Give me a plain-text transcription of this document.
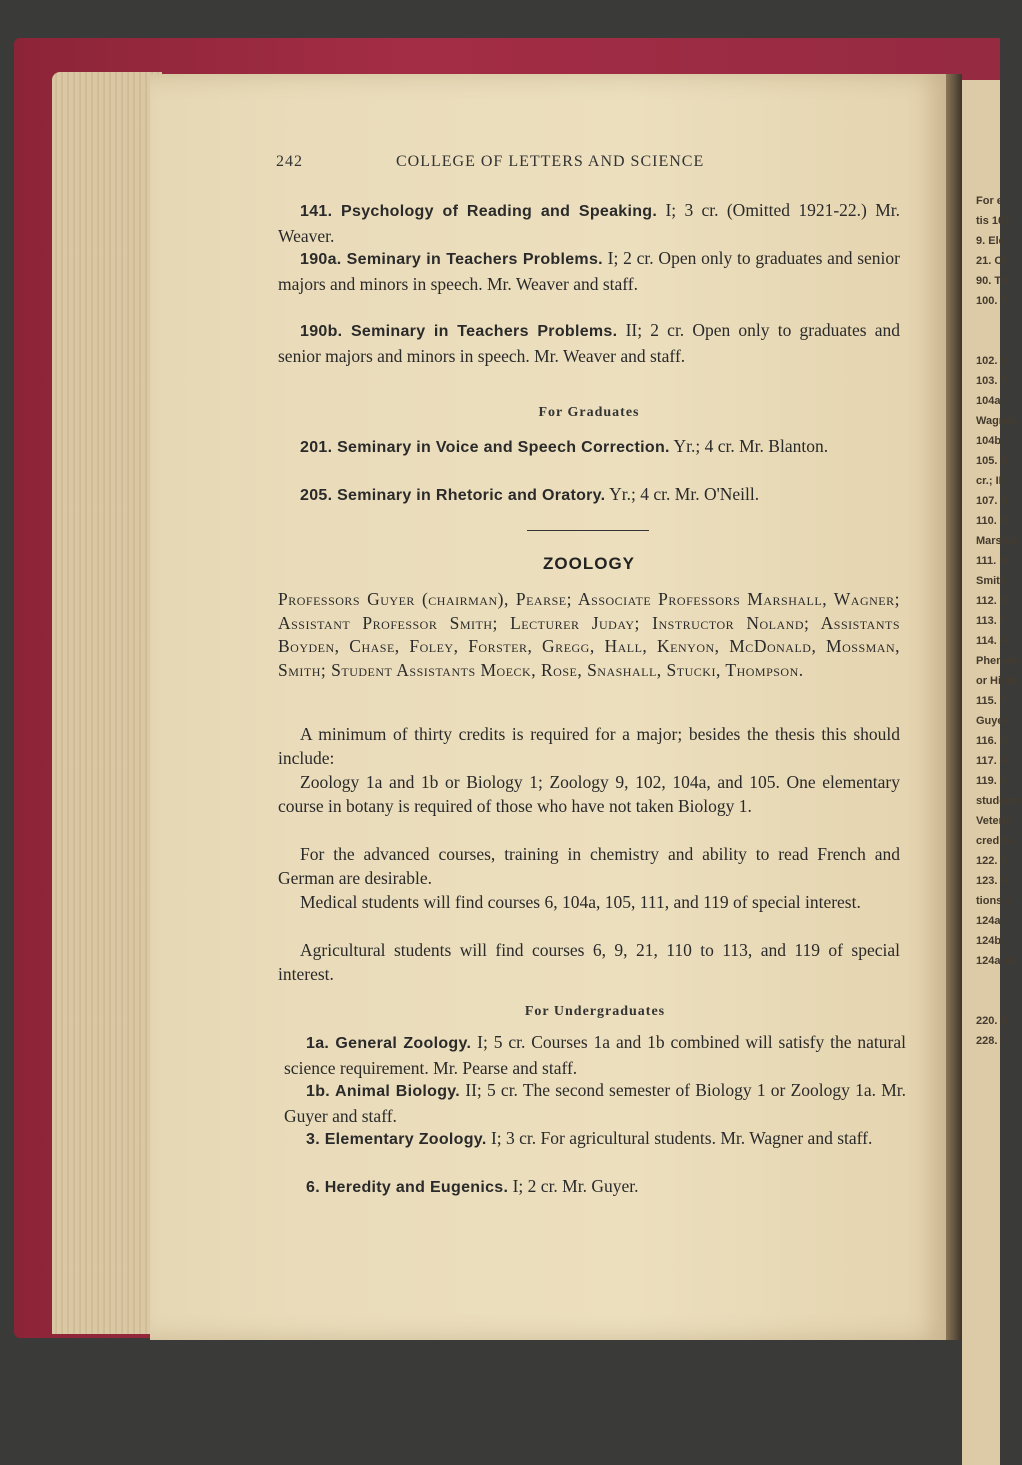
For e
tis 101.
9. Ele
21. Or
90. Th
100. T
102. Ir
103. T
104a.
Wagner.
104b.
105. E
cr.; II
107. E
110. E
Marshal
111. N
Smith.
112. E
113. F
114. A
Phenom
or Histo
115. T
Guyer.
116. C
117. A
119. A
students
Veterin
credits.
122. A
123. A
tions s
124a.
124b.
124a wi
220. S
228. I
242	COLLEGE OF LETTERS AND SCIENCE
141. Psychology of Reading and Speaking. I; 3 cr. (Omitted 1921-22.) Mr. Weaver.
190a. Seminary in Teachers Problems. I; 2 cr. Open only to graduates and senior majors and minors in speech. Mr. Weaver and staff.
190b. Seminary in Teachers Problems. II; 2 cr. Open only to graduates and senior majors and minors in speech. Mr. Weaver and staff.
For Graduates
201. Seminary in Voice and Speech Correction. Yr.; 4 cr. Mr. Blanton.
205. Seminary in Rhetoric and Oratory. Yr.; 4 cr. Mr. O'Neill.
ZOOLOGY
Professors Guyer (chairman), Pearse; Associate Professors Marshall, Wagner; Assistant Professor Smith; Lecturer Juday; Instructor Noland; Assistants Boyden, Chase, Foley, Forster, Gregg, Hall, Kenyon, McDonald, Mossman, Smith; Student Assistants Moeck, Rose, Snashall, Stucki, Thompson.
A minimum of thirty credits is required for a major; besides the thesis this should include:
Zoology 1a and 1b or Biology 1; Zoology 9, 102, 104a, and 105. One elementary course in botany is required of those who have not taken Biology 1.
For the advanced courses, training in chemistry and ability to read French and German are desirable.
Medical students will find courses 6, 104a, 105, 111, and 119 of special interest.
Agricultural students will find courses 6, 9, 21, 110 to 113, and 119 of special interest.
For Undergraduates
1a. General Zoology. I; 5 cr. Courses 1a and 1b combined will satisfy the natural science requirement. Mr. Pearse and staff.
1b. Animal Biology. II; 5 cr. The second semester of Biology 1 or Zoology 1a. Mr. Guyer and staff.
3. Elementary Zoology. I; 3 cr. For agricultural students. Mr. Wagner and staff.
6. Heredity and Eugenics. I; 2 cr. Mr. Guyer.
